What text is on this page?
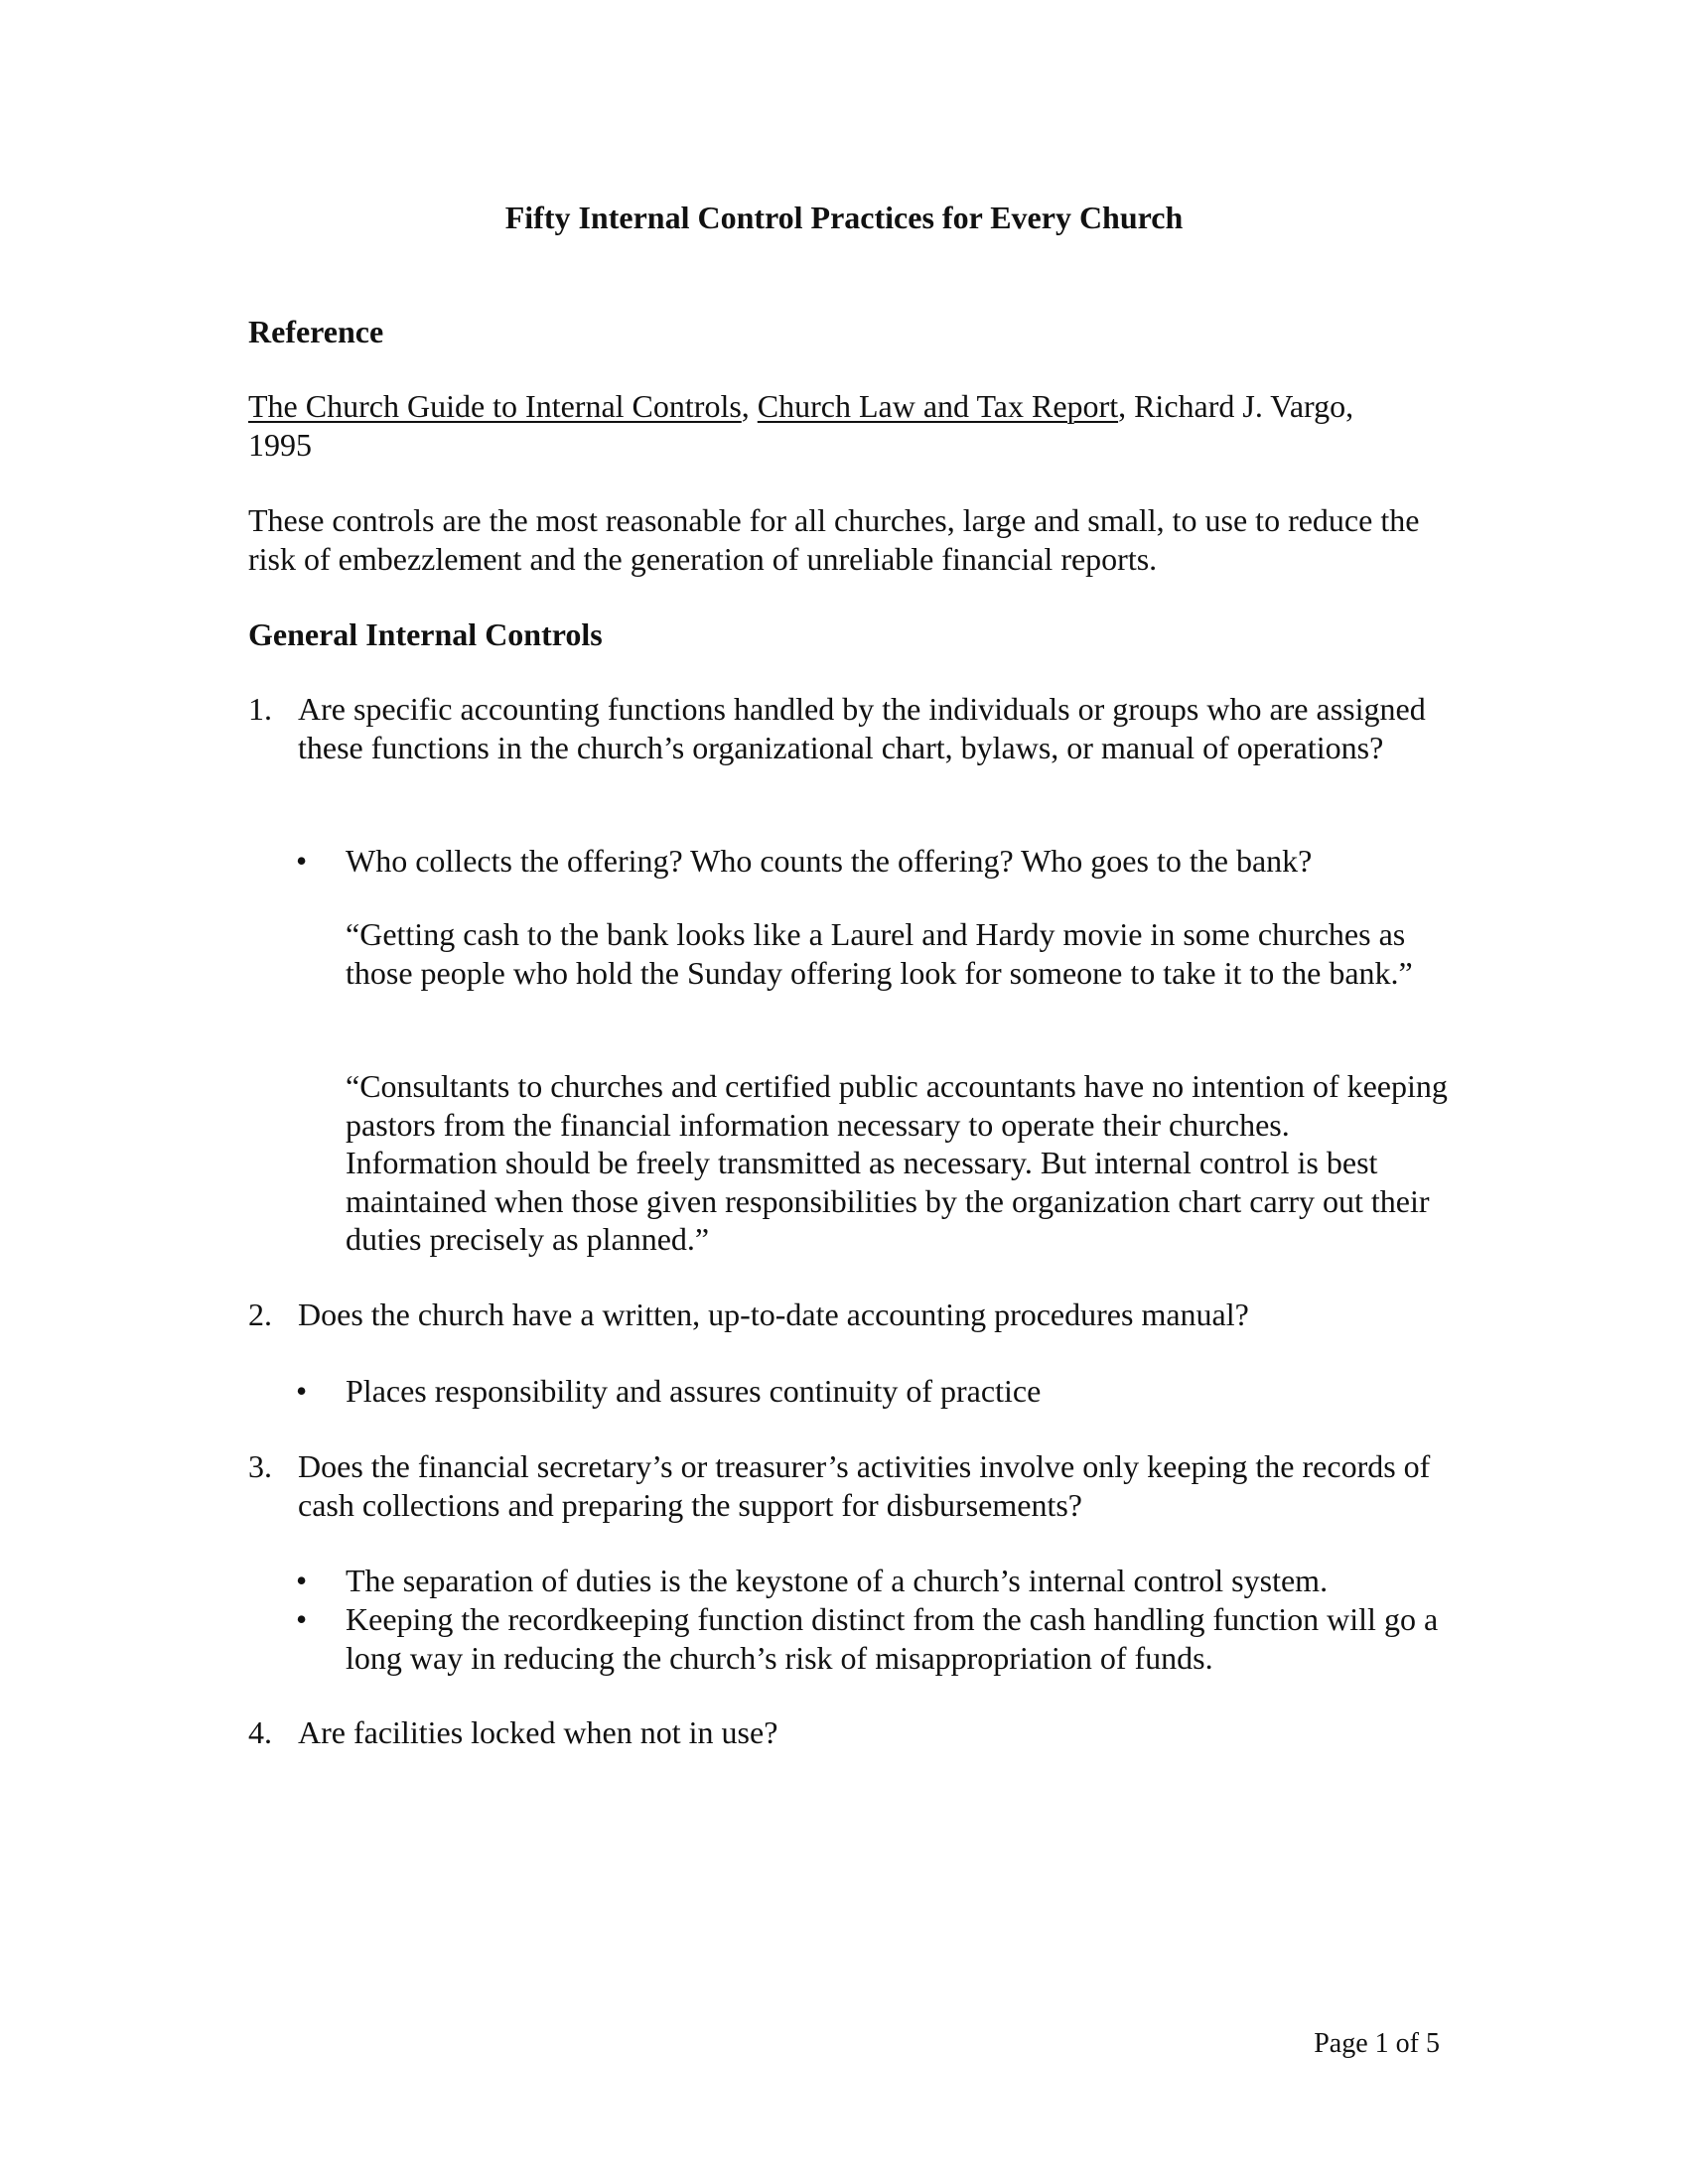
Fifty Internal Control Practices for Every Church
Reference
The Church Guide to Internal Controls, Church Law and Tax Report, Richard J. Vargo,
1995
These controls are the most reasonable for all churches, large and small, to use to reduce the risk of embezzlement and the generation of unreliable financial reports.
General Internal Controls
1. Are specific accounting functions handled by the individuals or groups who are assigned these functions in the church’s organizational chart, bylaws, or manual of operations?
•	Who collects the offering? Who counts the offering? Who goes to the bank?
“Getting cash to the bank looks like a Laurel and Hardy movie in some churches as those people who hold the Sunday offering look for someone to take it to the bank.”
“Consultants to churches and certified public accountants have no intention of keeping pastors from the financial information necessary to operate their churches. Information should be freely transmitted as necessary. But internal control is best maintained when those given responsibilities by the organization chart carry out their duties precisely as planned.”
2. Does the church have a written, up-to-date accounting procedures manual?
•	Places responsibility and assures continuity of practice
3. Does the financial secretary’s or treasurer’s activities involve only keeping the records of cash collections and preparing the support for disbursements?
•	The separation of duties is the keystone of a church’s internal control system.
•	Keeping the recordkeeping function distinct from the cash handling function will go a long way in reducing the church’s risk of misappropriation of funds.
4. Are facilities locked when not in use?
Page 1 of 5
